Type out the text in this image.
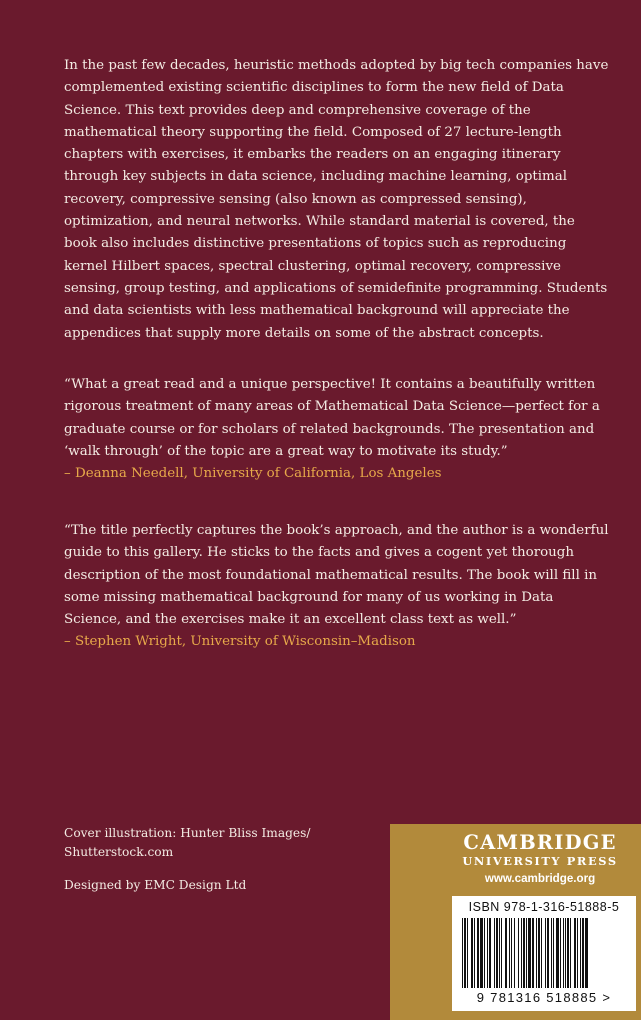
In the past few decades, heuristic methods adopted by big tech companies have complemented existing scientific disciplines to form the new field of Data Science. This text provides deep and comprehensive coverage of the mathematical theory supporting the field. Composed of 27 lecture-length chapters with exercises, it embarks the readers on an engaging itinerary through key subjects in data science, including machine learning, optimal recovery, compressive sensing (also known as compressed sensing), optimization, and neural networks. While standard material is covered, the book also includes distinctive presentations of topics such as reproducing kernel Hilbert spaces, spectral clustering, optimal recovery, compressive sensing, group testing, and applications of semidefinite programming. Students and data scientists with less mathematical background will appreciate the appendices that supply more details on some of the abstract concepts.

“What a great read and a unique perspective! It contains a beautifully written rigorous treatment of many areas of Mathematical Data Science—perfect for a graduate course or for scholars of related backgrounds. The presentation and ‘walk through’ of the topic are a great way to motivate its study.”
– Deanna Needell, University of California, Los Angeles
“The title perfectly captures the book’s approach, and the author is a wonderful guide to this gallery. He sticks to the facts and gives a cogent yet thorough description of the most foundational mathematical results. The book will fill in some missing mathematical background for many of us working in Data Science, and the exercises make it an excellent class text as well.”
– Stephen Wright, University of Wisconsin–Madison

Cover illustration: Hunter Bliss Images/

Shutterstock.com

Designed by EMC Design Ltd

CAMBRIDGE
UNIVERSITY PRESS
www.cambridge.org
ISBN 978-1-316-51888-5
9 781316 518885 >
